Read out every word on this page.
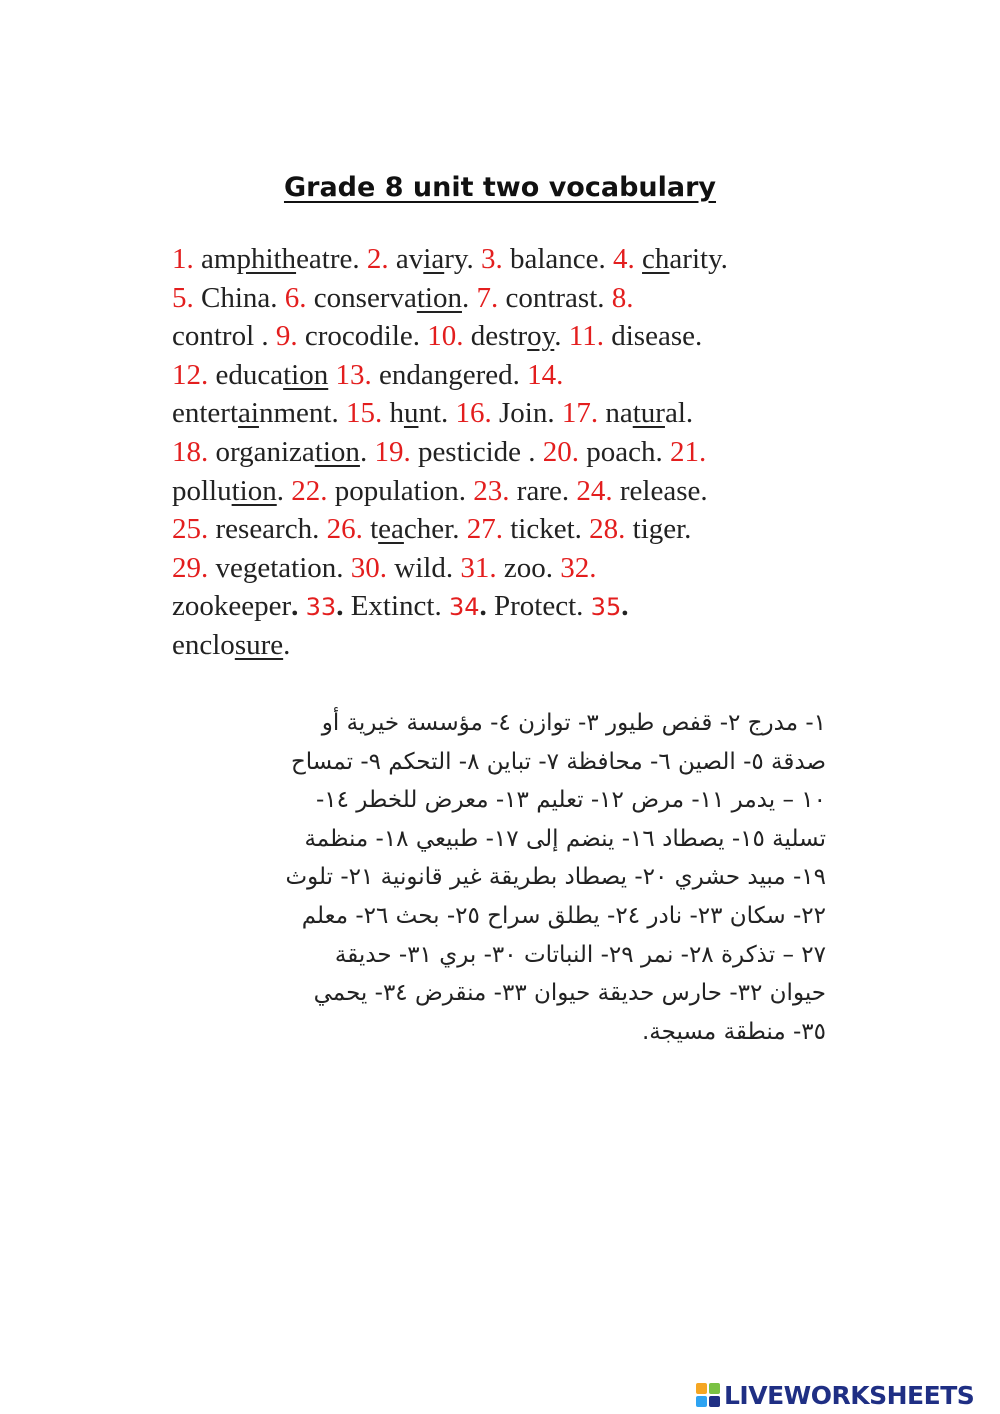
Grade 8 unit two vocabulary
1. amphitheatre. 2. aviary. 3. balance. 4. charity.
5. China. 6. conservation. 7. contrast. 8.
control . 9. crocodile. 10. destroy. 11. disease.
12. education 13. endangered. 14.
entertainment. 15. hunt. 16. Join. 17. natural.
18. organization. 19. pesticide . 20. poach. 21.
pollution. 22. population. 23. rare. 24. release.
25. research. 26. teacher. 27. ticket. 28. tiger.
29. vegetation. 30. wild. 31. zoo. 32.
zookeeper. 33. Extinct. 34. Protect. 35.
enclosure.
١- مدرج ٢- قفص طيور ٣- توازن ٤- مؤسسة خيرية أو
صدقة ٥- الصين ٦- محافظة ٧- تباين ٨- التحكم ٩- تمساح
١٠ – يدمر ١١- مرض ١٢- تعليم ١٣- معرض للخطر ١٤-
تسلية ١٥- يصطاد ١٦- ينضم إلى ١٧- طبيعي ١٨- منظمة
١٩- مبيد حشري ٢٠- يصطاد بطريقة غير قانونية ٢١- تلوث
٢٢- سكان ٢٣- نادر ٢٤- يطلق سراح ٢٥- بحث ٢٦- معلم
٢٧ – تذكرة ٢٨- نمر ٢٩- النباتات ٣٠- بري ٣١- حديقة
حيوان ٣٢- حارس حديقة حيوان ٣٣- منقرض ٣٤- يحمي
٣٥- منطقة مسيجة.
LIVEWORKSHEETS
